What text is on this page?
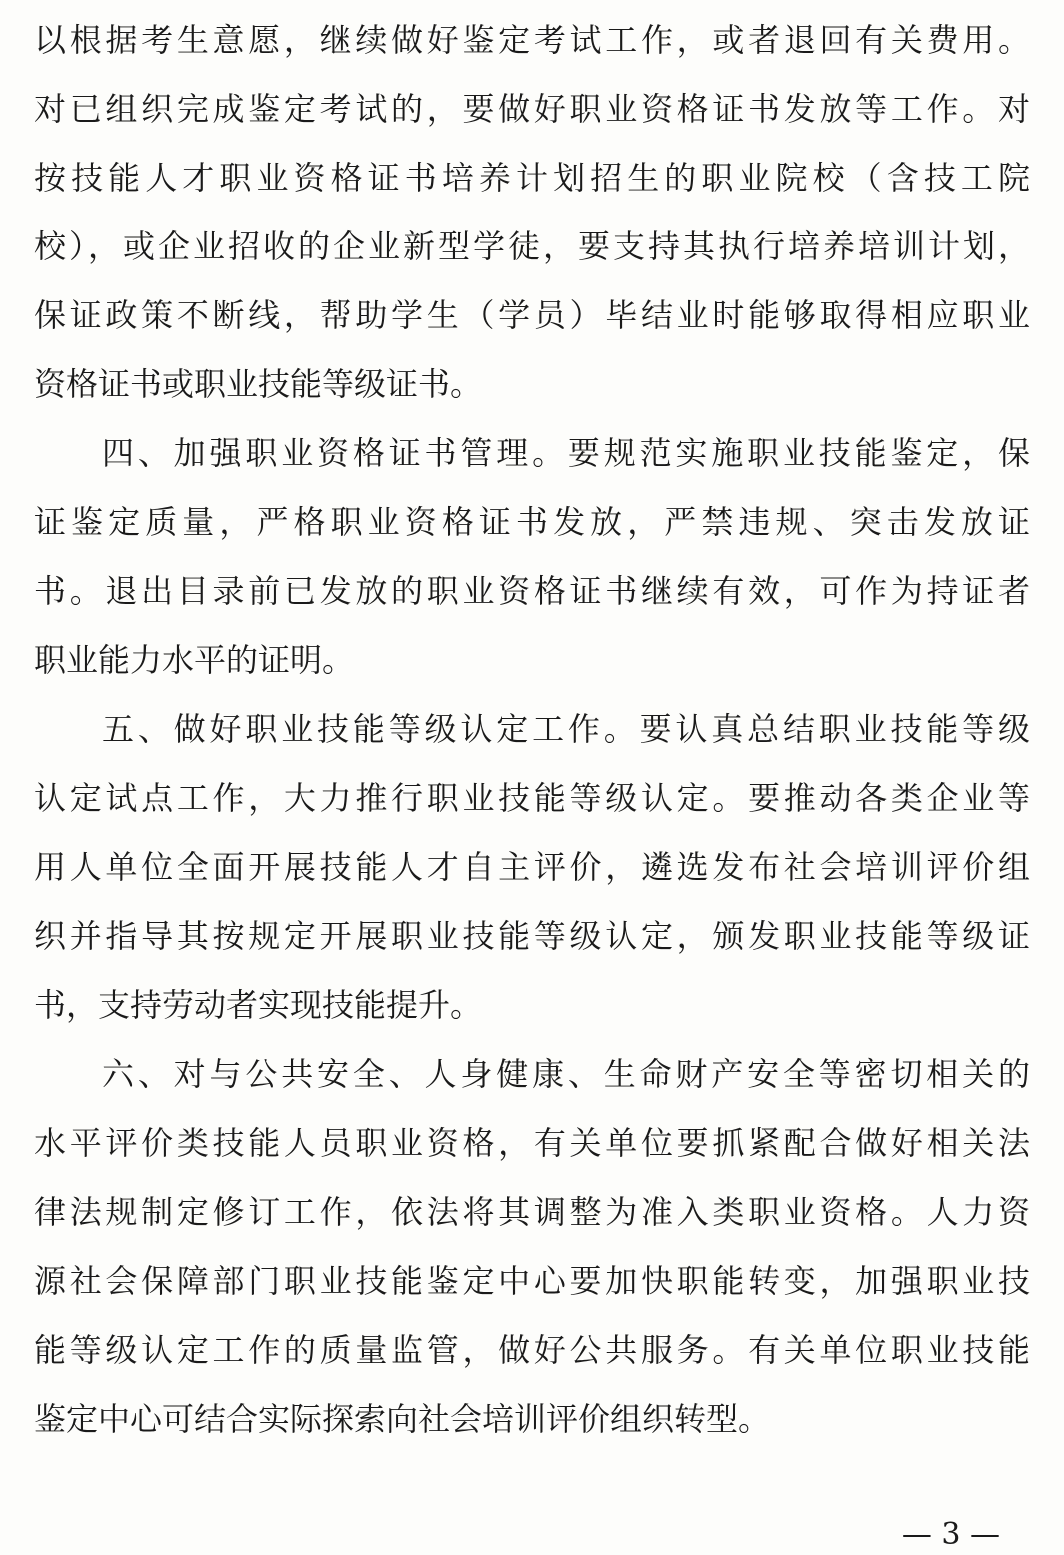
以根据考生意愿，继续做好鉴定考试工作，或者退回有关费用。
对已组织完成鉴定考试的，要做好职业资格证书发放等工作。对
按技能人才职业资格证书培养计划招生的职业院校（含技工院
校），或企业招收的企业新型学徒，要支持其执行培养培训计划，
保证政策不断线，帮助学生（学员）毕结业时能够取得相应职业
资格证书或职业技能等级证书。
四、加强职业资格证书管理。要规范实施职业技能鉴定，保
证鉴定质量，严格职业资格证书发放，严禁违规、突击发放证
书。退出目录前已发放的职业资格证书继续有效，可作为持证者
职业能力水平的证明。
五、做好职业技能等级认定工作。要认真总结职业技能等级
认定试点工作，大力推行职业技能等级认定。要推动各类企业等
用人单位全面开展技能人才自主评价，遴选发布社会培训评价组
织并指导其按规定开展职业技能等级认定，颁发职业技能等级证
书，支持劳动者实现技能提升。
六、对与公共安全、人身健康、生命财产安全等密切相关的
水平评价类技能人员职业资格，有关单位要抓紧配合做好相关法
律法规制定修订工作，依法将其调整为准入类职业资格。人力资
源社会保障部门职业技能鉴定中心要加快职能转变，加强职业技
能等级认定工作的质量监管，做好公共服务。有关单位职业技能
鉴定中心可结合实际探索向社会培训评价组织转型。
— 3 —
